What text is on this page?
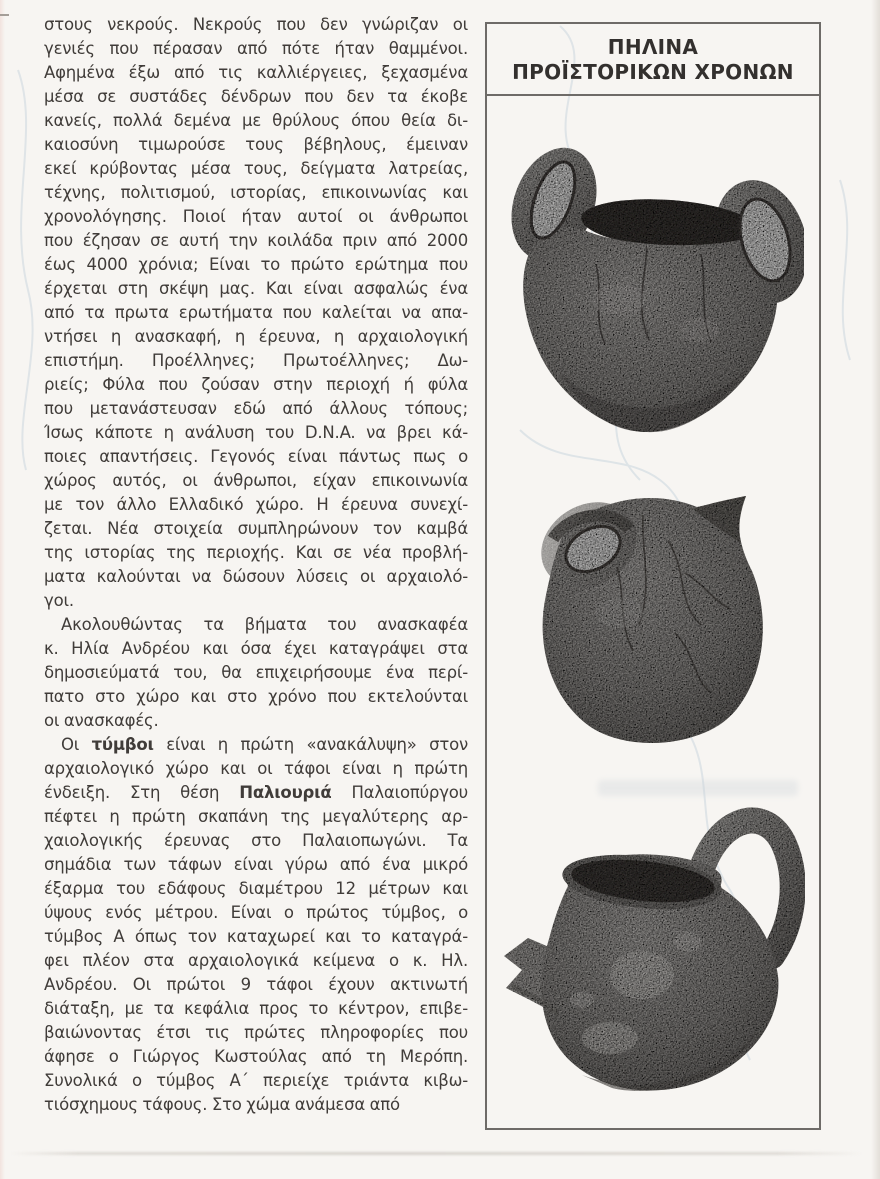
στους νεκρούς. Νεκρούς που δεν γνώριζαν οι
γενιές που πέρασαν από πότε ήταν θαμμένοι.
Αφημένα έξω από τις καλλιέργειες, ξεχασμένα
μέσα σε συστάδες δένδρων που δεν τα έκοβε
κανείς, πολλά δεμένα με θρύλους όπου θεία δι-
καιοσύνη τιμωρούσε τους βέβηλους, έμειναν
εκεί κρύβοντας μέσα τους, δείγματα λατρείας,
τέχνης, πολιτισμού, ιστορίας, επικοινωνίας και
χρονολόγησης. Ποιοί ήταν αυτοί οι άνθρωποι
που έζησαν σε αυτή την κοιλάδα πριν από 2000
έως 4000 χρόνια; Είναι το πρώτο ερώτημα που
έρχεται στη σκέψη μας. Και είναι ασφαλώς ένα
από τα πρωτα ερωτήματα που καλείται να απα-
ντήσει η ανασκαφή, η έρευνα, η αρχαιολογική
επιστήμη. Προέλληνες; Πρωτοέλληνες; Δω-
ριείς; Φύλα που ζούσαν στην περιοχή ή φύλα
που μετανάστευσαν εδώ από άλλους τόπους;
Ίσως κάποτε η ανάλυση του D.N.A. να βρει κά-
ποιες απαντήσεις. Γεγονός είναι πάντως πως ο
χώρος αυτός, οι άνθρωποι, είχαν επικοινωνία
με τον άλλο Ελλαδικό χώρο. Η έρευνα συνεχί-
ζεται. Νέα στοιχεία συμπληρώνουν τον καμβά
της ιστορίας της περιοχής. Και σε νέα προβλή-
ματα καλούνται να δώσουν λύσεις οι αρχαιολό-
γοι.
Ακολουθώντας τα βήματα του ανασκαφέα
κ. Ηλία Ανδρέου και όσα έχει καταγράψει στα
δημοσιεύματά του, θα επιχειρήσουμε ένα περί-
πατο στο χώρο και στο χρόνο που εκτελούνται
οι ανασκαφές.
Οι τύμβοι είναι η πρώτη «ανακάλυψη» στον
αρχαιολογικό χώρο και οι τάφοι είναι η πρώτη
ένδειξη. Στη θέση Παλιουριά Παλαιοπύργου
πέφτει η πρώτη σκαπάνη της μεγαλύτερης αρ-
χαιολογικής έρευνας στο Παλαιοπωγώνι. Τα
σημάδια των τάφων είναι γύρω από ένα μικρό
έξαρμα του εδάφους διαμέτρου 12 μέτρων και
ύψους ενός μέτρου. Είναι ο πρώτος τύμβος, ο
τύμβος Α όπως τον καταχωρεί και το καταγρά-
φει πλέον στα αρχαιολογικά κείμενα ο κ. Ηλ.
Ανδρέου. Οι πρώτοι 9 τάφοι έχουν ακτινωτή
διάταξη, με τα κεφάλια προς το κέντρον, επιβε-
βαιώνοντας έτσι τις πρώτες πληροφορίες που
άφησε ο Γιώργος Κωστούλας από τη Μερόπη.
Συνολικά ο τύμβος Α΄ περιείχε τριάντα κιβω-
τιόσχημους τάφους. Στο χώμα ανάμεσα από
ΠΗΛΙΝΑ
ΠΡΟΪΣΤΟΡΙΚΩΝ ΧΡΟΝΩΝ
